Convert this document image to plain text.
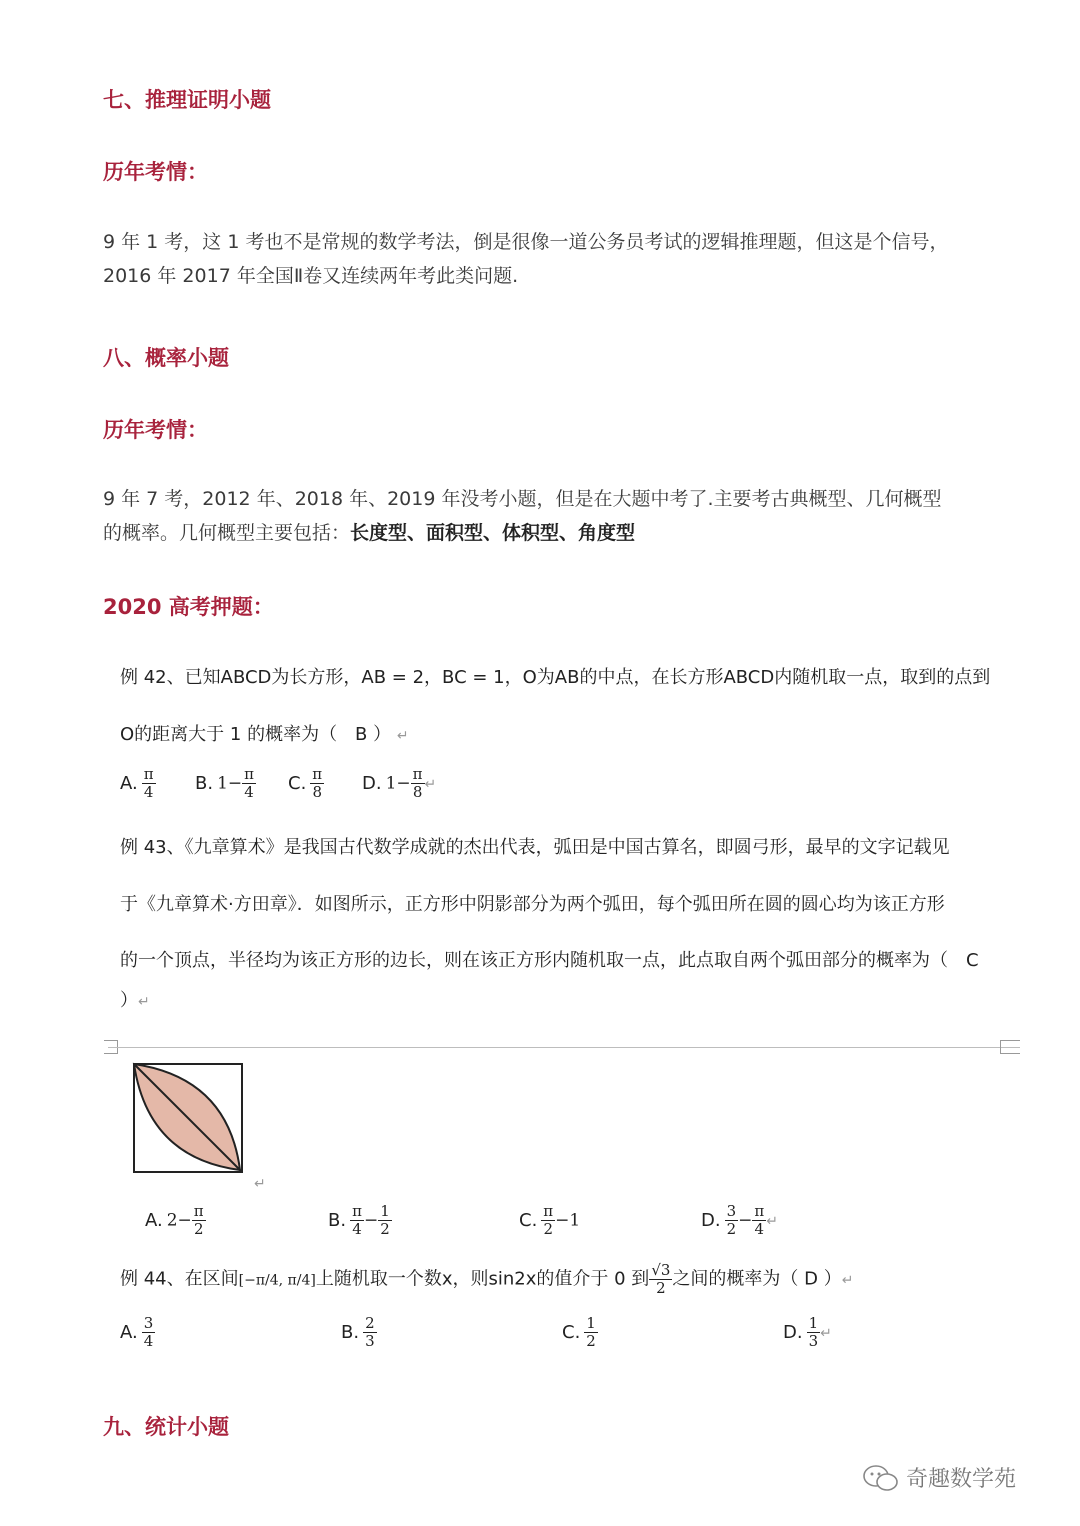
七、推理证明小题
历年考情：
9 年 1 考，这 1 考也不是常规的数学考法，倒是很像一道公务员考试的逻辑推理题，但这是个信号，
2016 年 2017 年全国Ⅱ卷又连续两年考此类问题.
八、概率小题
历年考情：
9 年 7 考，2012 年、2018 年、2019 年没考小题，但是在大题中考了.主要考古典概型、几何概型
的概率。几何概型主要包括：长度型、面积型、体积型、角度型
2020 高考押题：
例 42、已知ABCD为长方形，AB = 2，BC = 1，O为AB的中点，在长方形ABCD内随机取一点，取到的点到
O的距离大于 1 的概率为（　B ） ↵
A. $\frac{\pi}{4} B$. $1- \frac{\pi}{4} C$. $\frac{\pi}{8} D$. $1- \frac{\pi}{8}$ ↵
例 43、《九章算术》是我国古代数学成就的杰出代表，弧田是中国古算名，即圆弓形，最早的文字记载见
于《九章算术·方田章》．如图所示，正方形中阴影部分为两个弧田，每个弧田所在圆的圆心均为该正方形
的一个顶点，半径均为该正方形的边长，则在该正方形内随机取一点，此点取自两个弧田部分的概率为（　C
）↵
↵
A. $2- \frac{\pi}{2}$	B. $\frac{\pi}{4} - \frac{1}{2}$	C. $\frac{\pi}{2} -1$	D. $\frac{3}{2} - \frac{\pi}{4}$ ↵
例 44、在区间[−π/4, π/4]上随机取一个数x，则sin2x的值介于 0 到 $\frac{√3}{2}$ 之间的概率为（ D ）↵
A. $\frac{3}{4}$	B. $\frac{2}{3}$	C. $\frac{1}{2}$	D. $\frac{1}{3}$ ↵
九、统计小题
奇趣数学苑
